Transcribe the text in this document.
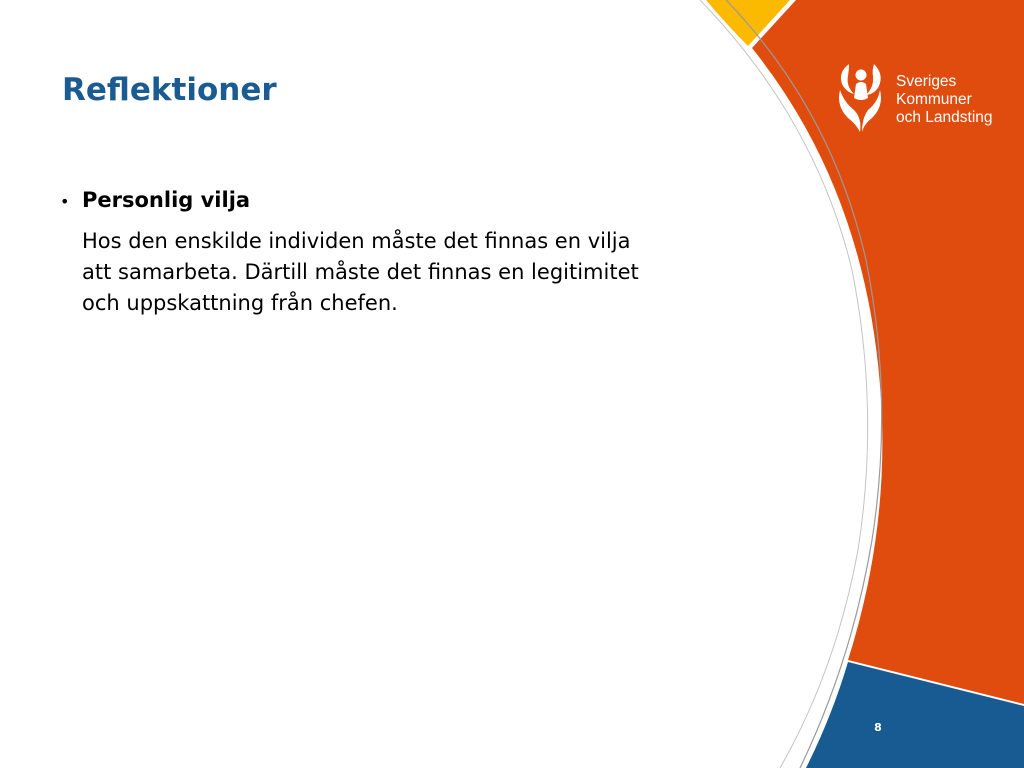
Reflektioner
• Personlig vilja

Hos den enskilde individen måste det finnas en vilja att samarbeta. Därtill måste det finnas en legitimitet och uppskattning från chefen.

Sveriges
Kommuner
och Landsting
8
